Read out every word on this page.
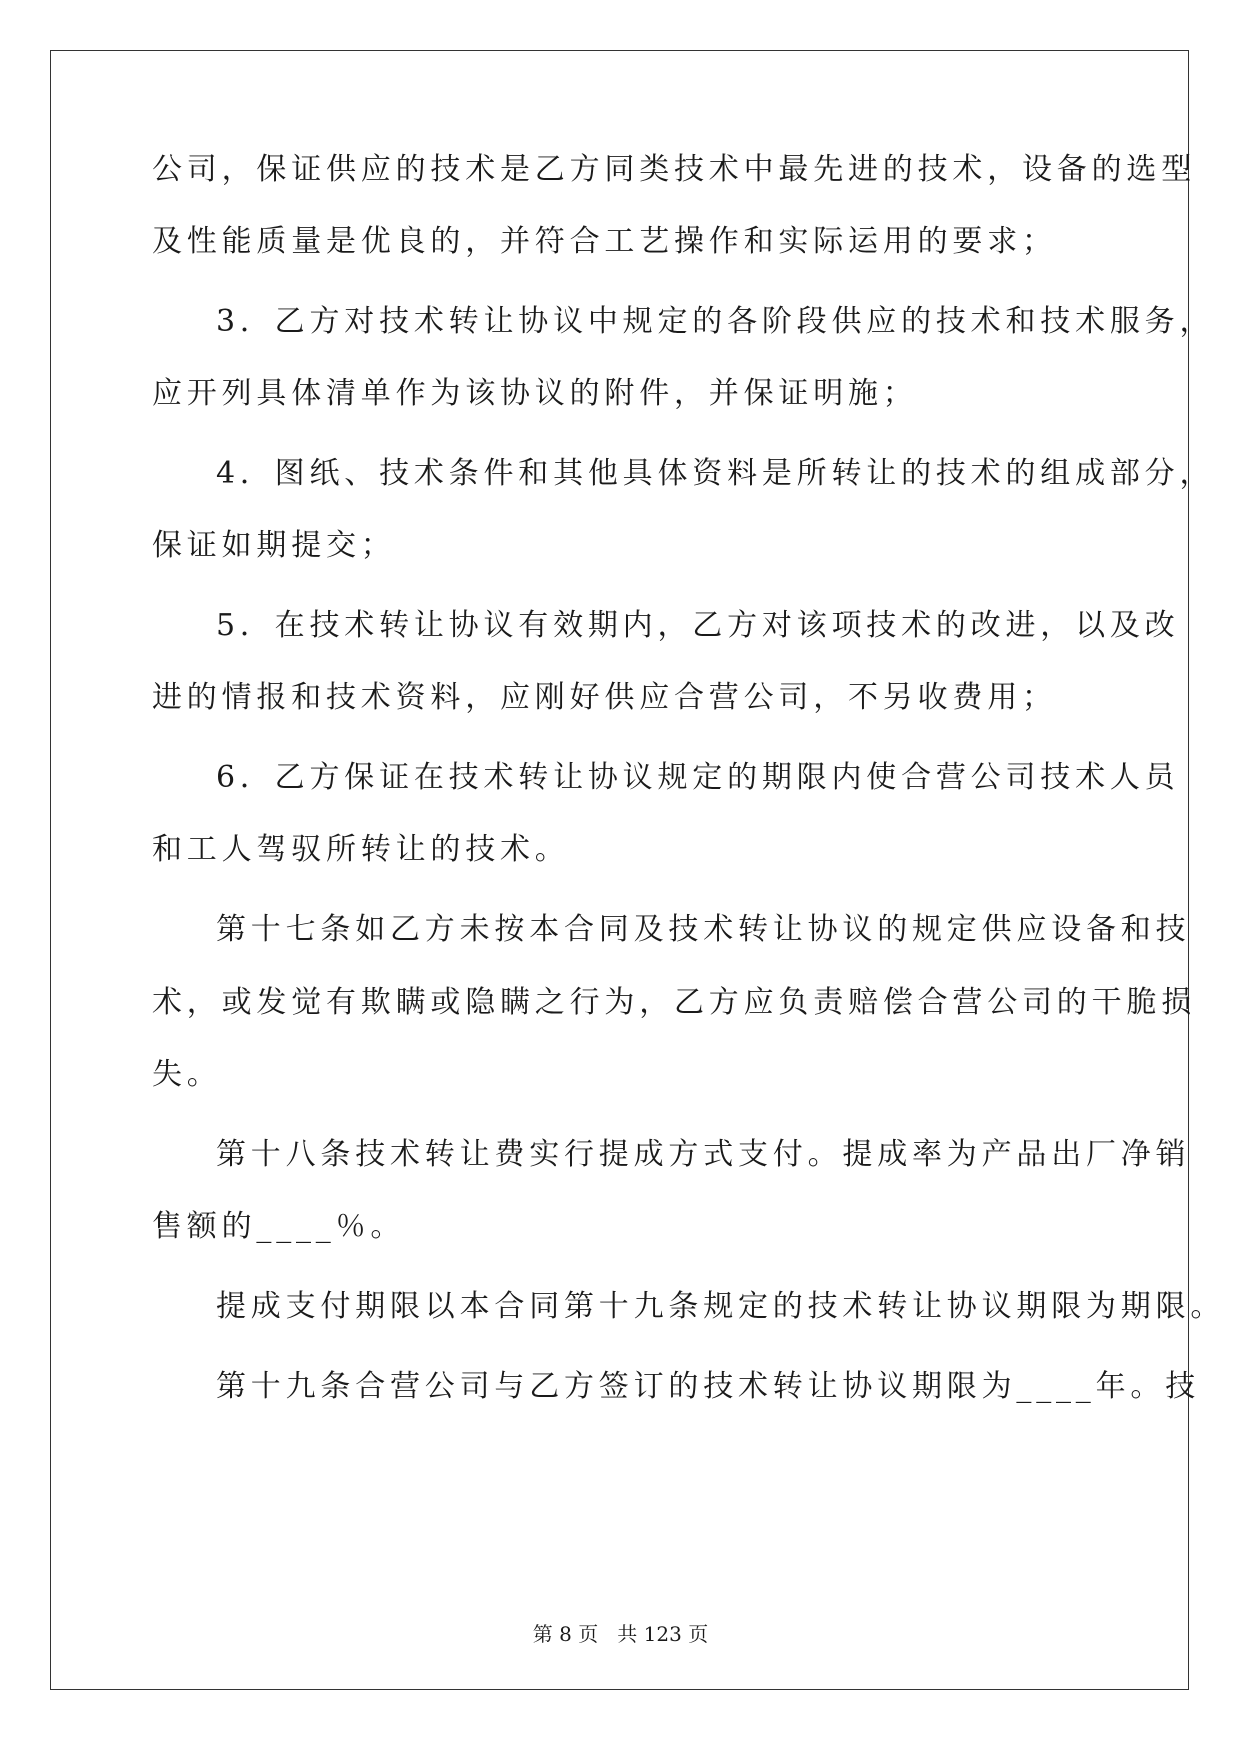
公司，保证供应的技术是乙方同类技术中最先进的技术，设备的选型
及性能质量是优良的，并符合工艺操作和实际运用的要求；
3．乙方对技术转让协议中规定的各阶段供应的技术和技术服务，
应开列具体清单作为该协议的附件，并保证明施；
4．图纸、技术条件和其他具体资料是所转让的技术的组成部分，
保证如期提交；
5．在技术转让协议有效期内，乙方对该项技术的改进，以及改
进的情报和技术资料，应刚好供应合营公司，不另收费用；
6．乙方保证在技术转让协议规定的期限内使合营公司技术人员
和工人驾驭所转让的技术。
第十七条如乙方未按本合同及技术转让协议的规定供应设备和技
术，或发觉有欺瞒或隐瞒之行为，乙方应负责赔偿合营公司的干脆损
失。
第十八条技术转让费实行提成方式支付。提成率为产品出厂净销
售额的____％。
提成支付期限以本合同第十九条规定的技术转让协议期限为期限。
第十九条合营公司与乙方签订的技术转让协议期限为____年。技
第 8 页   共 123 页
